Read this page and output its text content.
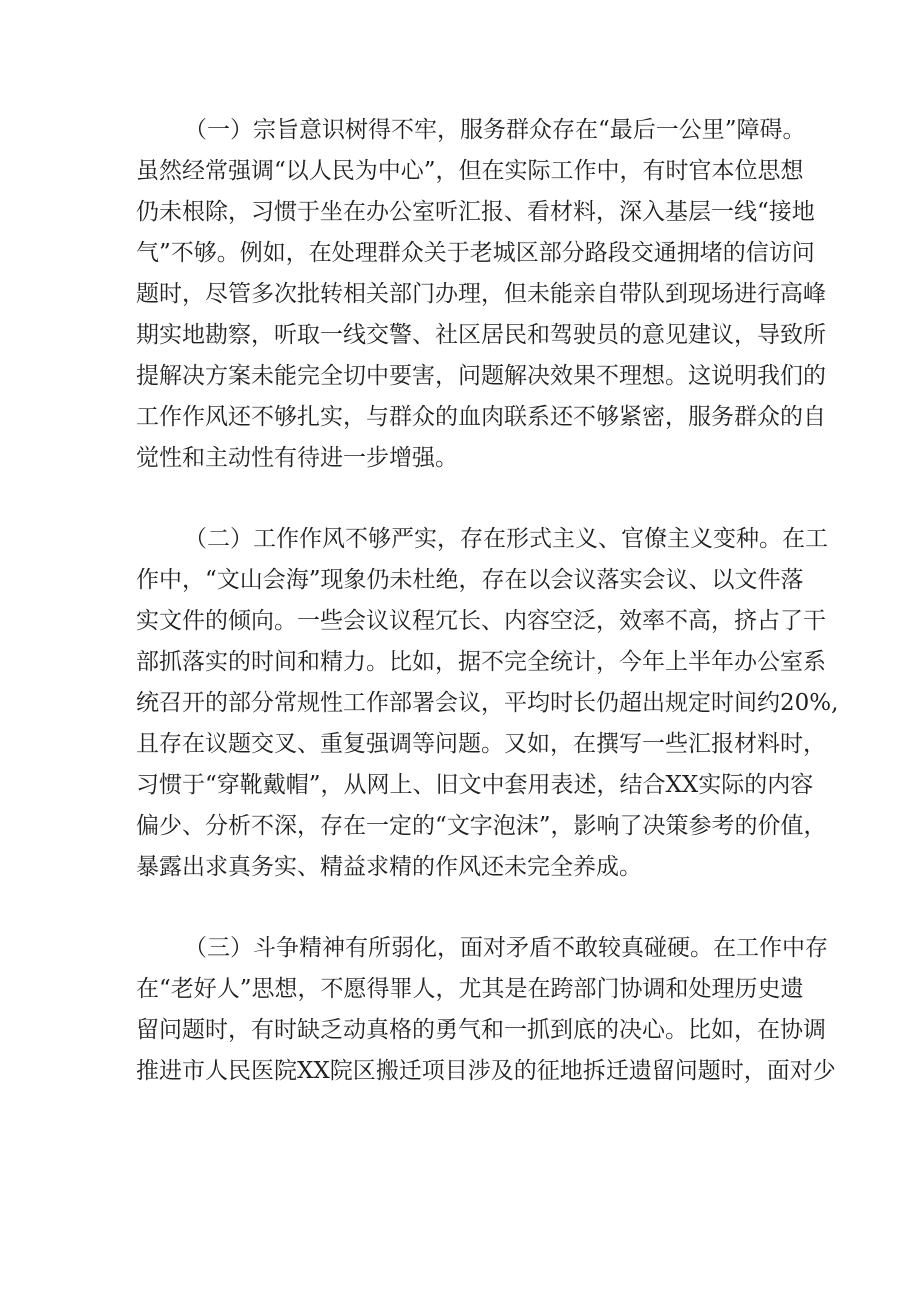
（一）宗旨意识树得不牢，服务群众存在“最后一公里”障碍。
虽然经常强调“以人民为中心”，但在实际工作中，有时官本位思想
仍未根除，习惯于坐在办公室听汇报、看材料，深入基层一线“接地
气”不够。例如，在处理群众关于老城区部分路段交通拥堵的信访问
题时，尽管多次批转相关部门办理，但未能亲自带队到现场进行高峰
期实地勘察，听取一线交警、社区居民和驾驶员的意见建议，导致所
提解决方案未能完全切中要害，问题解决效果不理想。这说明我们的
工作作风还不够扎实，与群众的血肉联系还不够紧密，服务群众的自
觉性和主动性有待进一步增强。
（二）工作作风不够严实，存在形式主义、官僚主义变种。在工
作中，“文山会海”现象仍未杜绝，存在以会议落实会议、以文件落
实文件的倾向。一些会议议程冗长、内容空泛，效率不高，挤占了干
部抓落实的时间和精力。比如，据不完全统计，今年上半年办公室系
统召开的部分常规性工作部署会议，平均时长仍超出规定时间约20%,
且存在议题交叉、重复强调等问题。又如，在撰写一些汇报材料时，
习惯于“穿靴戴帽”，从网上、旧文中套用表述，结合XX实际的内容
偏少、分析不深，存在一定的“文字泡沫”，影响了决策参考的价值，
暴露出求真务实、精益求精的作风还未完全养成。
（三）斗争精神有所弱化，面对矛盾不敢较真碰硬。在工作中存
在“老好人”思想，不愿得罪人，尤其是在跨部门协调和处理历史遗
留问题时，有时缺乏动真格的勇气和一抓到底的决心。比如，在协调
推进市人民医院XX院区搬迁项目涉及的征地拆迁遗留问题时，面对少
